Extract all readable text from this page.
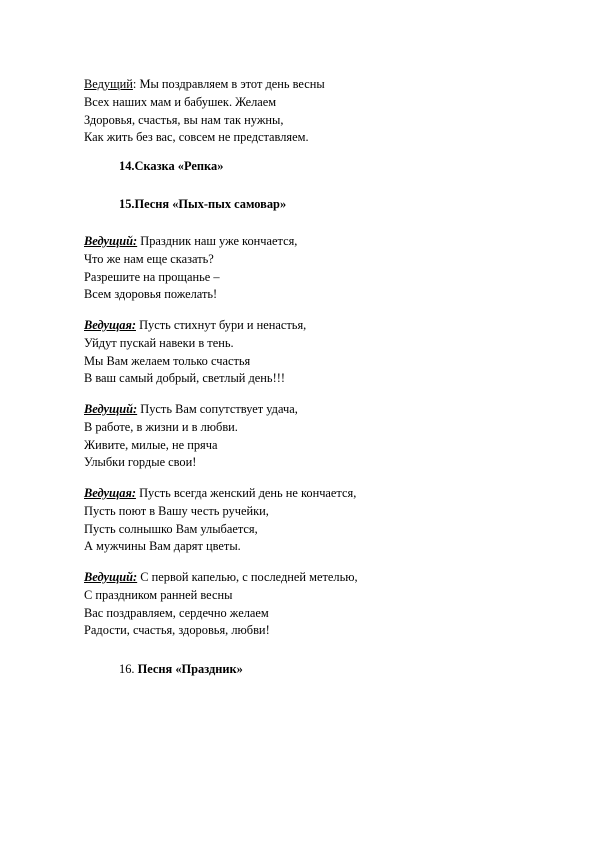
Ведущий: Мы поздравляем в этот день весны
Всех наших мам и бабушек. Желаем
Здоровья, счастья, вы нам так нужны,
Как жить без вас, совсем не представляем.
14.Сказка «Репка»
15.Песня «Пых-пых самовар»
Ведущий: Праздник наш уже кончается,
Что же нам еще сказать?
Разрешите на прощанье –
Всем здоровья пожелать!
Ведущая: Пусть стихнут бури и ненастья,
Уйдут пускай навеки в тень.
Мы Вам желаем только счастья
В ваш самый добрый, светлый день!!!
Ведущий: Пусть Вам сопутствует удача,
В работе, в жизни и в любви.
Живите, милые, не пряча
Улыбки гордые свои!
Ведущая: Пусть всегда женский день не кончается,
Пусть поют в Вашу честь ручейки,
Пусть солнышко Вам улыбается,
А мужчины Вам дарят цветы.
Ведущий: С первой капелью, с последней метелью,
С праздником ранней весны
Вас поздравляем, сердечно желаем
Радости, счастья, здоровья, любви!
16. Песня «Праздник»
